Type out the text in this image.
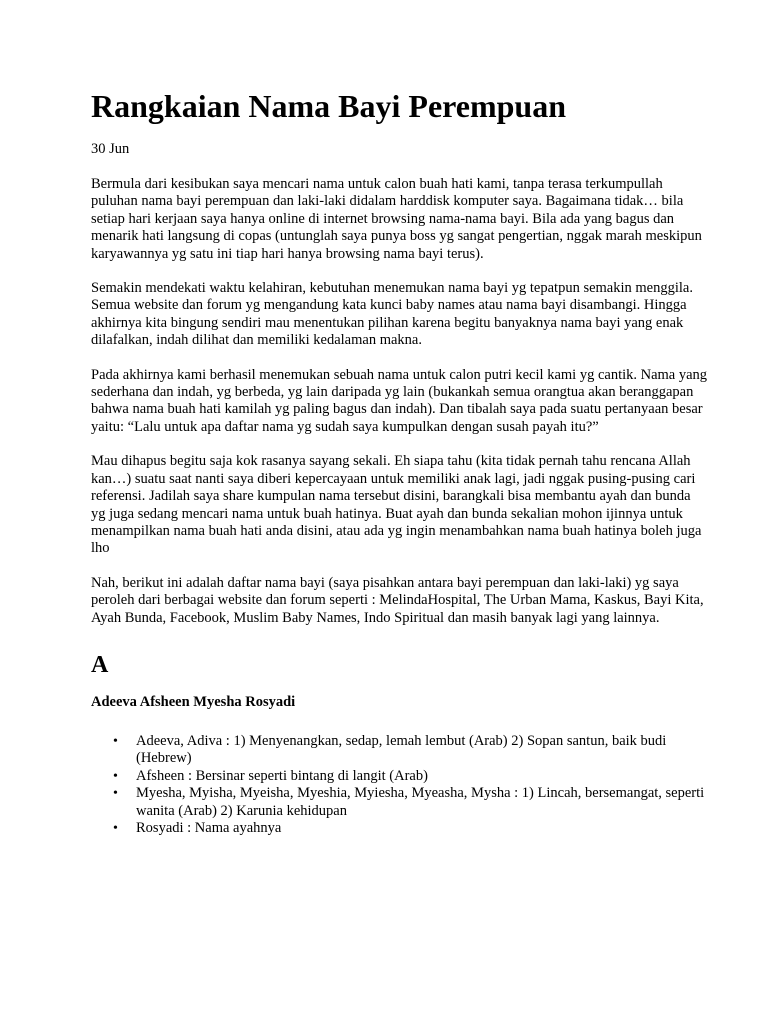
Rangkaian Nama Bayi Perempuan
30 Jun

Bermula dari kesibukan saya mencari nama untuk calon buah hati kami, tanpa terasa terkumpullah puluhan nama bayi perempuan dan laki-laki didalam harddisk komputer saya. Bagaimana tidak… bila setiap hari kerjaan saya hanya online di internet browsing nama-nama bayi. Bila ada yang bagus dan menarik hati langsung di copas (untunglah saya punya boss yg sangat pengertian, nggak marah meskipun karyawannya yg satu ini tiap hari hanya browsing nama bayi terus).

Semakin mendekati waktu kelahiran, kebutuhan menemukan nama bayi yg tepatpun semakin menggila. Semua website dan forum yg mengandung kata kunci baby names atau nama bayi disambangi. Hingga akhirnya kita bingung sendiri mau menentukan pilihan karena begitu banyaknya nama bayi yang enak dilafalkan, indah dilihat dan memiliki kedalaman makna.

Pada akhirnya kami berhasil menemukan sebuah nama untuk calon putri kecil kami yg cantik. Nama yang sederhana dan indah, yg berbeda, yg lain daripada yg lain (bukankah semua orangtua akan beranggapan bahwa nama buah hati kamilah yg paling bagus dan indah). Dan tibalah saya pada suatu pertanyaan besar yaitu: “Lalu untuk apa daftar nama yg sudah saya kumpulkan dengan susah payah itu?”

Mau dihapus begitu saja kok rasanya sayang sekali. Eh siapa tahu (kita tidak pernah tahu rencana Allah kan…) suatu saat nanti saya diberi kepercayaan untuk memiliki anak lagi, jadi nggak pusing-pusing cari referensi. Jadilah saya share kumpulan nama tersebut disini, barangkali bisa membantu ayah dan bunda yg juga sedang mencari nama untuk buah hatinya. Buat ayah dan bunda sekalian mohon ijinnya untuk menampilkan nama buah hati anda disini, atau ada yg ingin menambahkan nama buah hatinya boleh juga lho

Nah, berikut ini adalah daftar nama bayi (saya pisahkan antara bayi perempuan dan laki-laki) yg saya peroleh dari berbagai website dan forum seperti : MelindaHospital, The Urban Mama, Kaskus, Bayi Kita, Ayah Bunda, Facebook, Muslim Baby Names, Indo Spiritual dan masih banyak lagi yang lainnya.

A
Adeeva Afsheen Myesha Rosyadi
• Adeeva, Adiva : 1) Menyenangkan, sedap, lemah lembut (Arab) 2) Sopan santun, baik budi (Hebrew)
• Afsheen : Bersinar seperti bintang di langit (Arab)
• Myesha, Myisha, Myeisha, Myeshia, Myiesha, Myeasha, Mysha : 1) Lincah, bersemangat, seperti wanita (Arab) 2) Karunia kehidupan
• Rosyadi : Nama ayahnya
